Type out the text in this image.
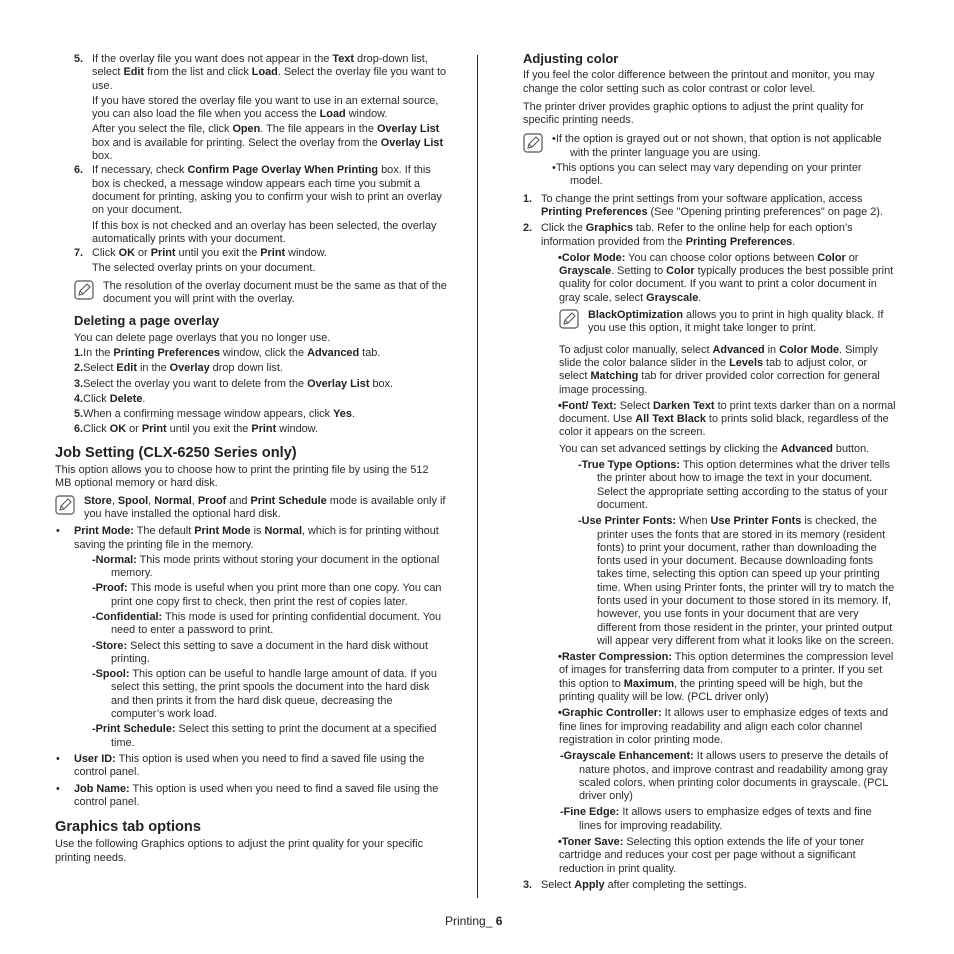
5. If the overlay file you want does not appear in the Text drop-down list, select Edit from the list and click Load. Select the overlay file you want to use.

If you have stored the overlay file you want to use in an external source, you can also load the file when you access the Load window.

After you select the file, click Open. The file appears in the Overlay List box and is available for printing. Select the overlay from the Overlay List box.

6. If necessary, check Confirm Page Overlay When Printing box. If this box is checked, a message window appears each time you submit a document for printing, asking you to confirm your wish to print an overlay on your document.

If this box is not checked and an overlay has been selected, the overlay automatically prints with your document.

7. Click OK or Print until you exit the Print window.

The selected overlay prints on your document.

The resolution of the overlay document must be the same as that of the document you will print with the overlay.

Deleting a page overlay

You can delete page overlays that you no longer use.

1.In the Printing Preferences window, click the Advanced tab.

2.Select Edit in the Overlay drop down list.

3.Select the overlay you want to delete from the Overlay List box.

4.Click Delete.

5.When a confirming message window appears, click Yes.

6.Click OK or Print until you exit the Print window.

Job Setting (CLX-6250 Series only)

This option allows you to choose how to print the printing file by using the 512 MB optional memory or hard disk.

Store, Spool, Normal, Proof and Print Schedule mode is available only if you have installed the optional hard disk.

• Print Mode: The default Print Mode is Normal, which is for printing without saving the printing file in the memory.

-Normal: This mode prints without storing your document in the optional memory.

-Proof: This mode is useful when you print more than one copy. You can print one copy first to check, then print the rest of copies later.

-Confidential: This mode is used for printing confidential document. You need to enter a password to print.

-Store: Select this setting to save a document in the hard disk without printing.

-Spool: This option can be useful to handle large amount of data. If you select this setting, the print spools the document into the hard disk and then prints it from the hard disk queue, decreasing the computer’s work load.

-Print Schedule: Select this setting to print the document at a specified time.

• User ID: This option is used when you need to find a saved file using the control panel.

• Job Name: This option is used when you need to find a saved file using the control panel.

Graphics tab options

Use the following Graphics options to adjust the print quality for your specific printing needs.

Adjusting color

If you feel the color difference between the printout and monitor, you may change the color setting such as color contrast or color level.

The printer driver provides graphic options to adjust the print quality for specific printing needs.

•If the option is grayed out or not shown, that option is not applicable with the printer language you are using.

•This options you can select may vary depending on your printer model.

1. To change the print settings from your software application, access Printing Preferences (See "Opening printing preferences" on page 2).

2. Click the Graphics tab. Refer to the online help for each option’s information provided from the Printing Preferences.

•Color Mode: You can choose color options between Color or Grayscale. Setting to Color typically produces the best possible print quality for color document. If you want to print a color document in gray scale, select Grayscale.

BlackOptimization allows you to print in high quality black. If you use this option, it might take longer to print.

To adjust color manually, select Advanced in Color Mode. Simply slide the color balance slider in the Levels tab to adjust color, or select Matching tab for driver provided color correction for general image processing.

•Font/ Text: Select Darken Text to print texts darker than on a normal document. Use All Text Black to prints solid black, regardless of the color it appears on the screen.

You can set advanced settings by clicking the Advanced button.

-True Type Options: This option determines what the driver tells the printer about how to image the text in your document. Select the appropriate setting according to the status of your document.

-Use Printer Fonts: When Use Printer Fonts is checked, the printer uses the fonts that are stored in its memory (resident fonts) to print your document, rather than downloading the fonts used in your document. Because downloading fonts takes time, selecting this option can speed up your printing time. When using Printer fonts, the printer will try to match the fonts used in your document to those stored in its memory. If, however, you use fonts in your document that are very different from those resident in the printer, your printed output will appear very different from what it looks like on the screen.

•Raster Compression: This option determines the compression level of images for transferring data from computer to a printer. If you set this option to Maximum, the printing speed will be high, but the printing quality will be low. (PCL driver only)

•Graphic Controller: It allows user to emphasize edges of texts and fine lines for improving readability and align each color channel registration in color printing mode.

-Grayscale Enhancement: It allows users to preserve the details of nature photos, and improve contrast and readability among gray scaled colors, when printing color documents in grayscale. (PCL driver only)

-Fine Edge: It allows users to emphasize edges of texts and fine lines for improving readability.

•Toner Save: Selecting this option extends the life of your toner cartridge and reduces your cost per page without a significant reduction in print quality.

3. Select Apply after completing the settings.

Printing_ 6
